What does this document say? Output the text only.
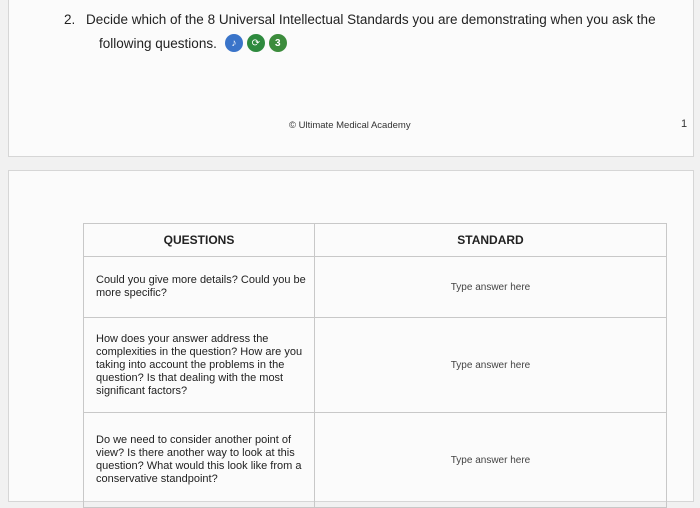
2. Decide which of the 8 Universal Intellectual Standards you are demonstrating when you ask the
following questions.	♪	⟳	3
© Ultimate Medical Academy	1
QUESTIONS	STANDARD
Could you give more details? Could you be more specific?	Type answer here
How does your answer address the complexities in the question? How are you taking into account the problems in the question? Is that dealing with the most significant factors?	Type answer here
Do we need to consider another point of view? Is there another way to look at this question? What would this look like from a conservative standpoint?	Type answer here
